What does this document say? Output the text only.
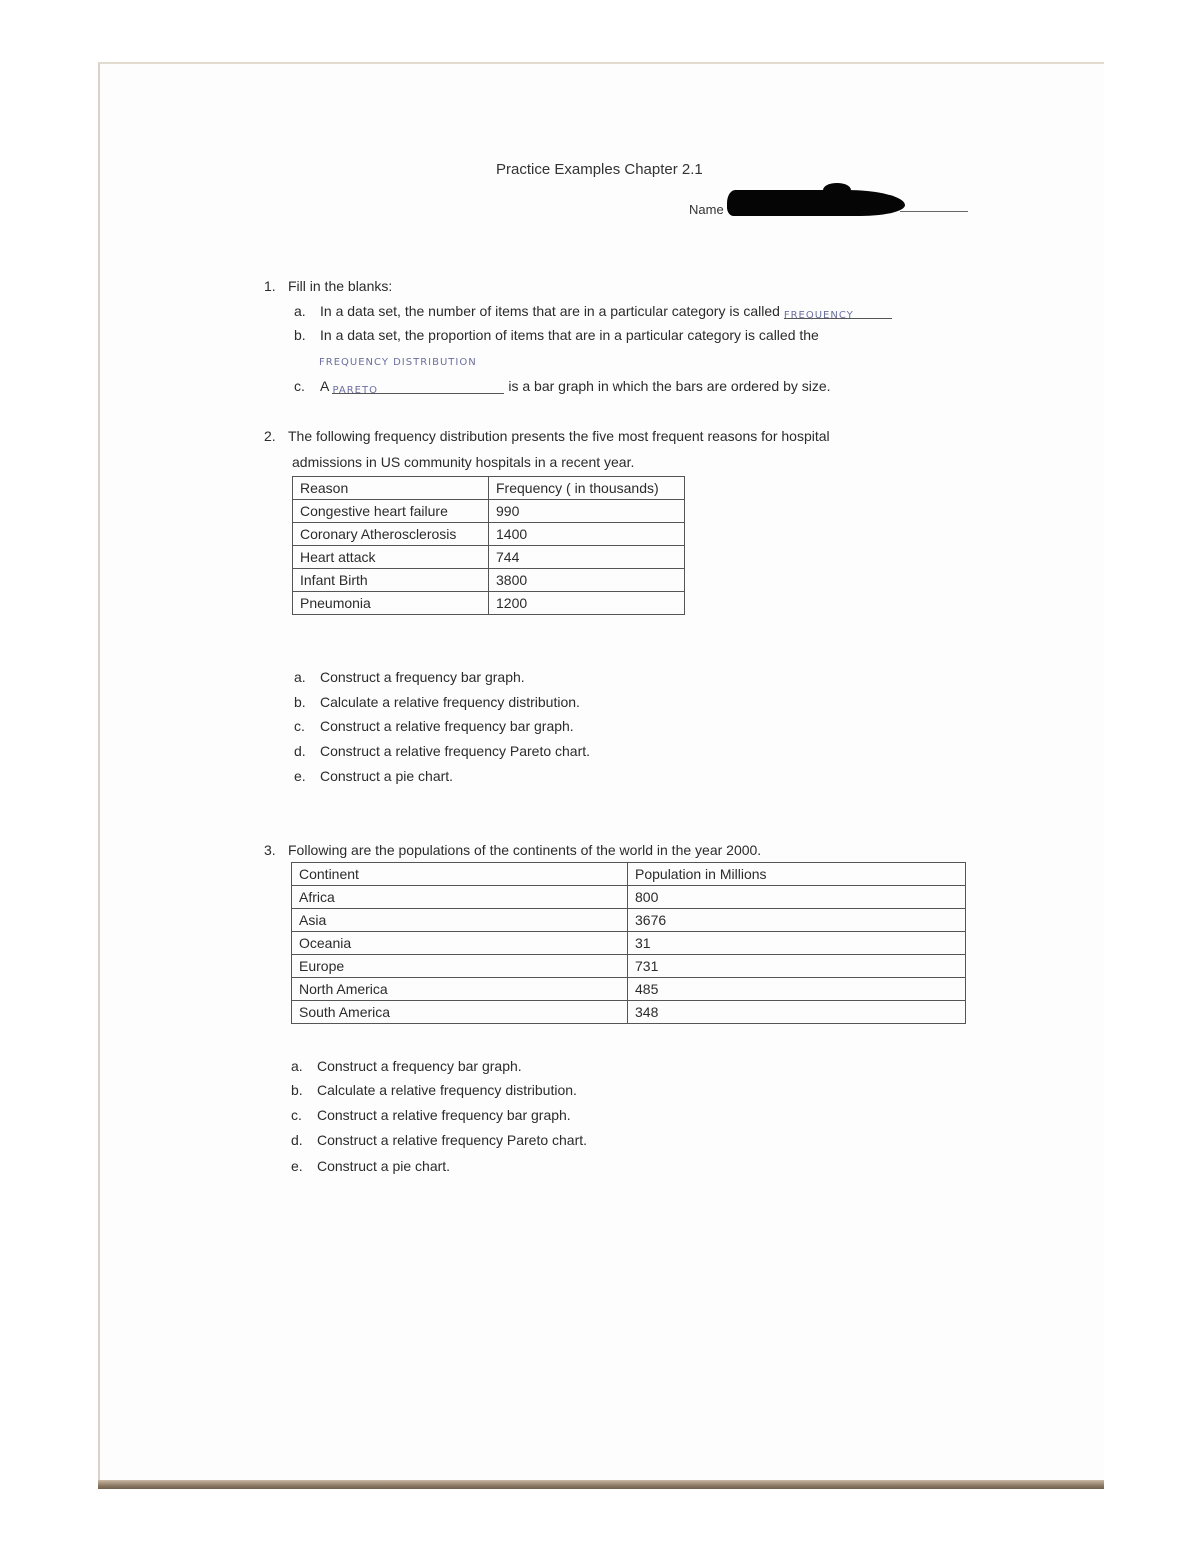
Practice Examples Chapter 2.1
Name
1. Fill in the blanks:
a. In a data set, the number of items that are in a particular category is called FREQUENCY
b. In a data set, the proportion of items that are in a particular category is called the
FREQUENCY DISTRIBUTION
c. A PARETO	is a bar graph in which the bars are ordered by size.
2. The following frequency distribution presents the five most frequent reasons for hospital
admissions in US community hospitals in a recent year.
Reason	Frequency ( in thousands)
Congestive heart failure	990
Coronary Atherosclerosis	1400
Heart attack	744
Infant Birth	3800
Pneumonia	1200
a. Construct a frequency bar graph.
b. Calculate a relative frequency distribution.
c. Construct a relative frequency bar graph.
d. Construct a relative frequency Pareto chart.
e. Construct a pie chart.
3. Following are the populations of the continents of the world in the year 2000.
Continent	Population in Millions
Africa	800
Asia	3676
Oceania	31
Europe	731
North America	485
South America	348
a. Construct a frequency bar graph.
b. Calculate a relative frequency distribution.
c. Construct a relative frequency bar graph.
d. Construct a relative frequency Pareto chart.
e. Construct a pie chart.
